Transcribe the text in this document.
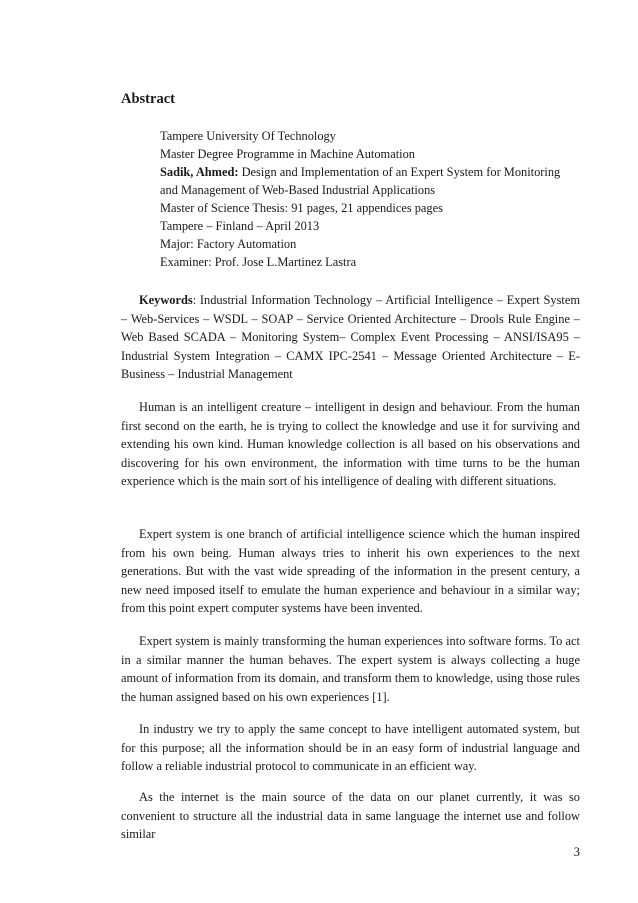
Abstract
Tampere University Of Technology
Master Degree Programme in Machine Automation
Sadik, Ahmed: Design and Implementation of an Expert System for Monitoring and Management of Web-Based Industrial Applications
Master of Science Thesis: 91 pages, 21 appendices pages
Tampere – Finland – April 2013
Major: Factory Automation
Examiner: Prof. Jose L.Martinez Lastra

Keywords: Industrial Information Technology – Artificial Intelligence – Expert System – Web-Services – WSDL – SOAP – Service Oriented Architecture – Drools Rule Engine – Web Based SCADA – Monitoring System– Complex Event Processing – ANSI/ISA95 – Industrial System Integration – CAMX IPC-2541 – Message Oriented Architecture – E-Business – Industrial Management

Human is an intelligent creature – intelligent in design and behaviour. From the human first second on the earth, he is trying to collect the knowledge and use it for surviving and extending his own kind. Human knowledge collection is all based on his observations and discovering for his own environment, the information with time turns to be the human experience which is the main sort of his intelligence of dealing with different situations.

Expert system is one branch of artificial intelligence science which the human inspired from his own being. Human always tries to inherit his own experiences to the next generations. But with the vast wide spreading of the information in the present century, a new need imposed itself to emulate the human experience and behaviour in a similar way; from this point expert computer systems have been invented.

Expert system is mainly transforming the human experiences into software forms. To act in a similar manner the human behaves. The expert system is always collecting a huge amount of information from its domain, and transform them to knowledge, using those rules the human assigned based on his own experiences [1].

In industry we try to apply the same concept to have intelligent automated system, but for this purpose; all the information should be in an easy form of industrial language and follow a reliable industrial protocol to communicate in an efficient way.

As the internet is the main source of the data on our planet currently, it was so convenient to structure all the industrial data in same language the internet use and follow similar

3
